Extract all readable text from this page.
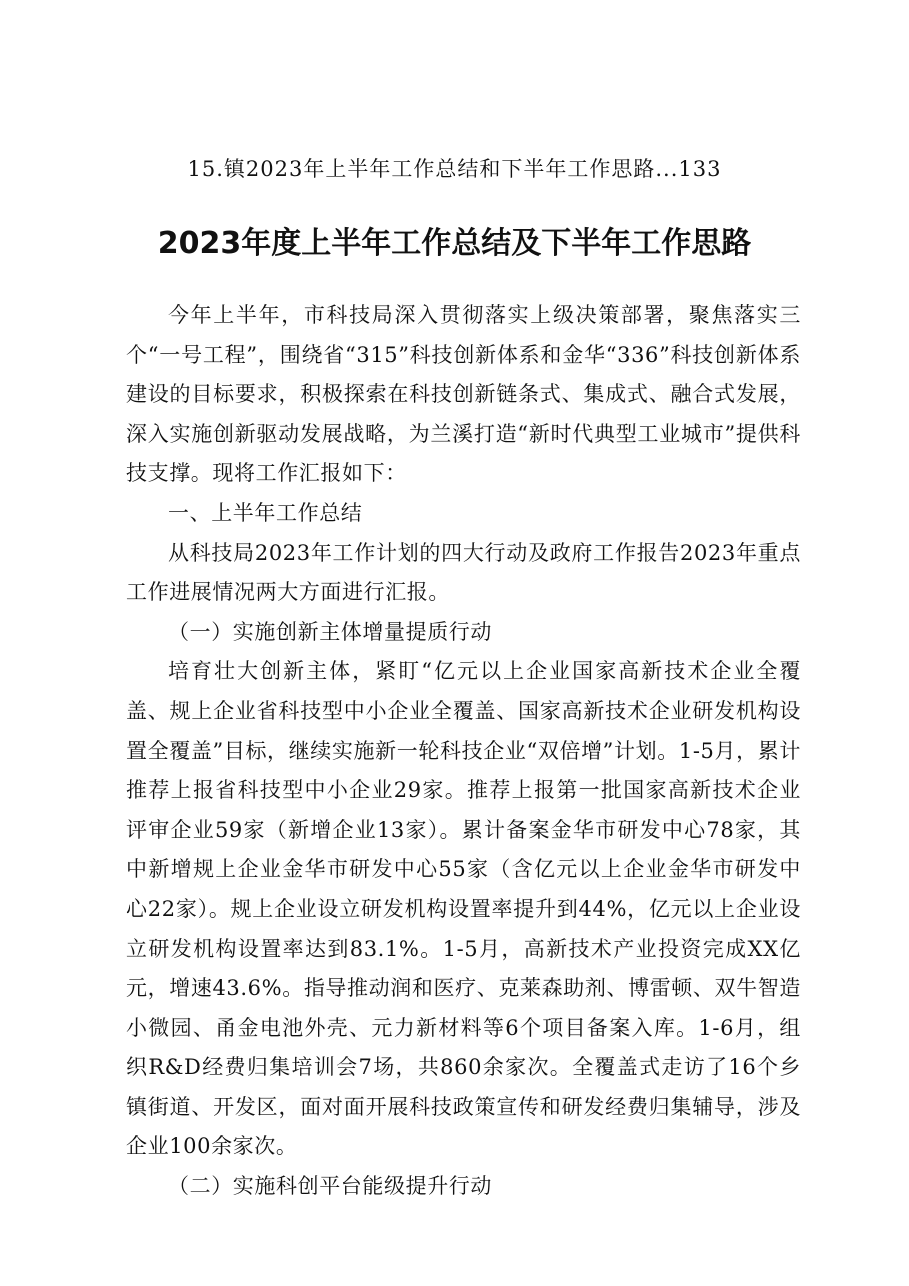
15.镇2023年上半年工作总结和下半年工作思路...133
2023年度上半年工作总结及下半年工作思路

今年上半年，市科技局深入贯彻落实上级决策部署，聚焦落实三个“一号工程”，围绕省“315”科技创新体系和金华“336”科技创新体系建设的目标要求，积极探索在科技创新链条式、集成式、融合式发展，深入实施创新驱动发展战略，为兰溪打造“新时代典型工业城市”提供科技支撑。现将工作汇报如下：

一、上半年工作总结

从科技局2023年工作计划的四大行动及政府工作报告2023年重点工作进展情况两大方面进行汇报。

（一）实施创新主体增量提质行动

培育壮大创新主体，紧盯“亿元以上企业国家高新技术企业全覆盖、规上企业省科技型中小企业全覆盖、国家高新技术企业研发机构设置全覆盖”目标，继续实施新一轮科技企业“双倍增”计划。1-5月，累计推荐上报省科技型中小企业29家。推荐上报第一批国家高新技术企业评审企业59家（新增企业13家）。累计备案金华市研发中心78家，其中新增规上企业金华市研发中心55家（含亿元以上企业金华市研发中心22家）。规上企业设立研发机构设置率提升到44%，亿元以上企业设立研发机构设置率达到83.1%。1-5月，高新技术产业投资完成XX亿元，增速43.6%。指导推动润和医疗、克莱森助剂、博雷顿、双牛智造小微园、甬金电池外壳、元力新材料等6个项目备案入库。1-6月，组织R&D经费归集培训会7场，共860余家次。全覆盖式走访了16个乡镇街道、开发区，面对面开展科技政策宣传和研发经费归集辅导，涉及企业100余家次。

（二）实施科创平台能级提升行动
